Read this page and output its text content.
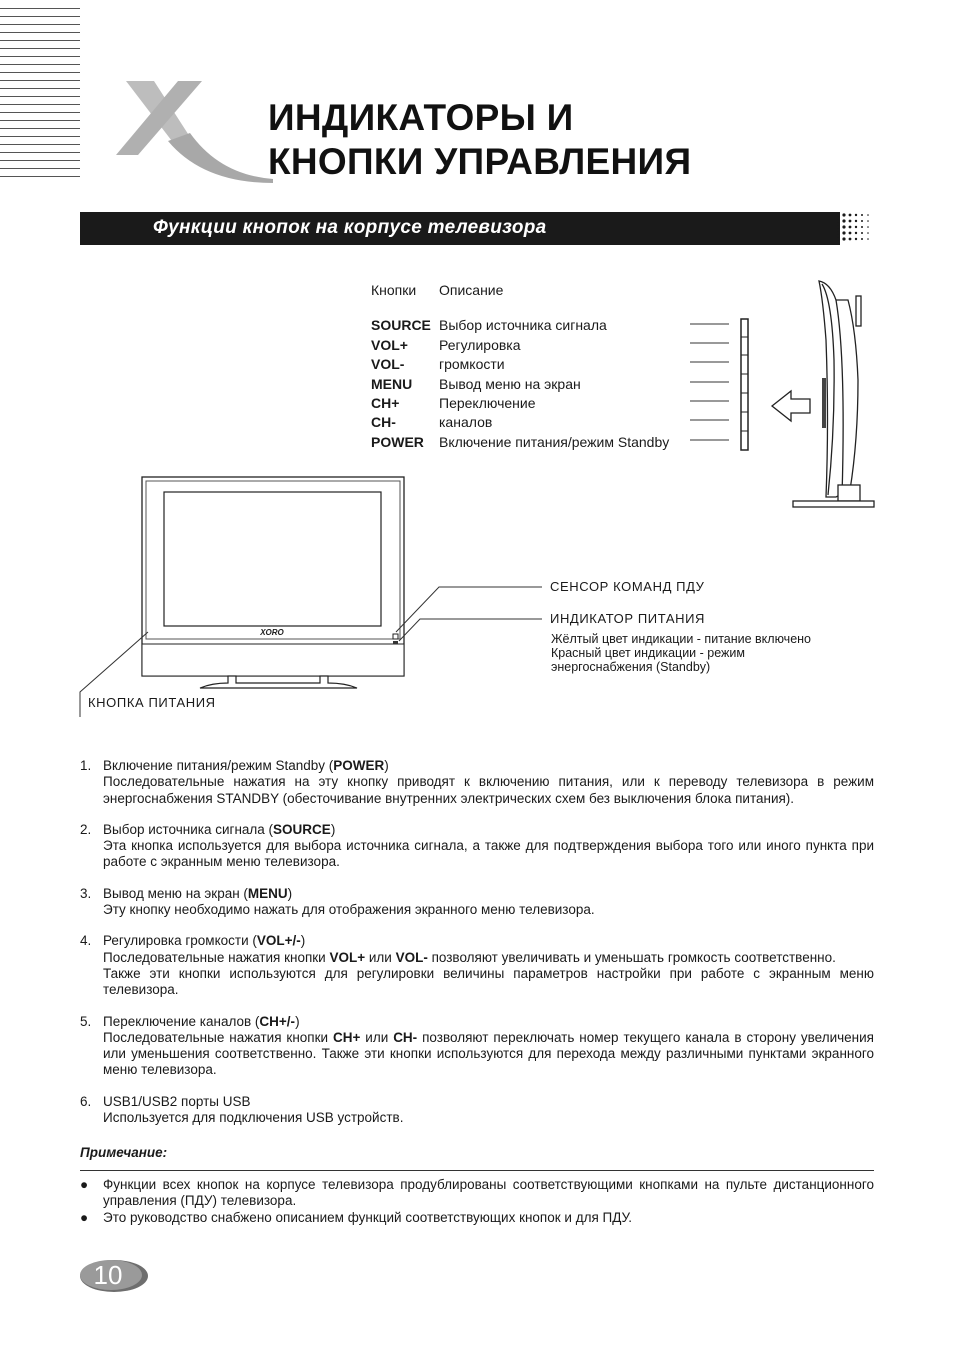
ИНДИКАТОРЫ И
КНОПКИ УПРАВЛЕНИЯ
Функции кнопок на корпусе телевизора
Кнопки Описание
SOURCE Выбор источника сигнала
VOL+ Регулировка
VOL- громкости
MENU Вывод меню на экран
CH+	Переключение
CH-	каналов
POWER Включение питания/режим Standby
XORO
СЕНСОР КОМАНД ПДУ
ИНДИКАТОР ПИТАНИЯ
Жёлтый цвет индикации - питание включено
Красный цвет индикации - режим
энергоснабжения (Standby)
КНОПКА ПИТАНИЯ
1. Включение питания/режим Standby (POWER)

Последовательные нажатия на эту кнопку приводят к включению питания, или к переводу телевизора в режим энергоснабжения STANDBY (обесточивание внутренних электрических схем без выключения блока питания).

2. Выбор источника сигнала (SOURCE)

Эта кнопка используется для выбора источника сигнала, а также для подтверждения выбора того или иного пункта при работе с экранным меню телевизора.

3. Вывод меню на экран (MENU)

Эту кнопку необходимо нажать для отображения экранного меню телевизора.

4. Регулировка громкости (VOL+/-)

Последовательные нажатия кнопки VOL+ или VOL- позволяют увеличивать и уменьшать громкость соответственно.

Также эти кнопки используются для регулировки величины параметров настройки при работе с экранным меню телевизора.

5. Переключение каналов (CH+/-)

Последовательные нажатия кнопки CH+ или CH- позволяют переключать номер текущего канала в сторону увеличения или уменьшения соответственно. Также эти кнопки используются для перехода между различными пунктами экранного меню телевизора.

6. USB1/USB2 порты USB

Используется для подключения USB устройств.

Примечание:
● Функции всех кнопок на корпусе телевизора продублированы соответствующими кнопками на пульте дистанционного управления (ПДУ) телевизора.
● Это руководство снабжено описанием функций соответствующих кнопок и для ПДУ.
10
